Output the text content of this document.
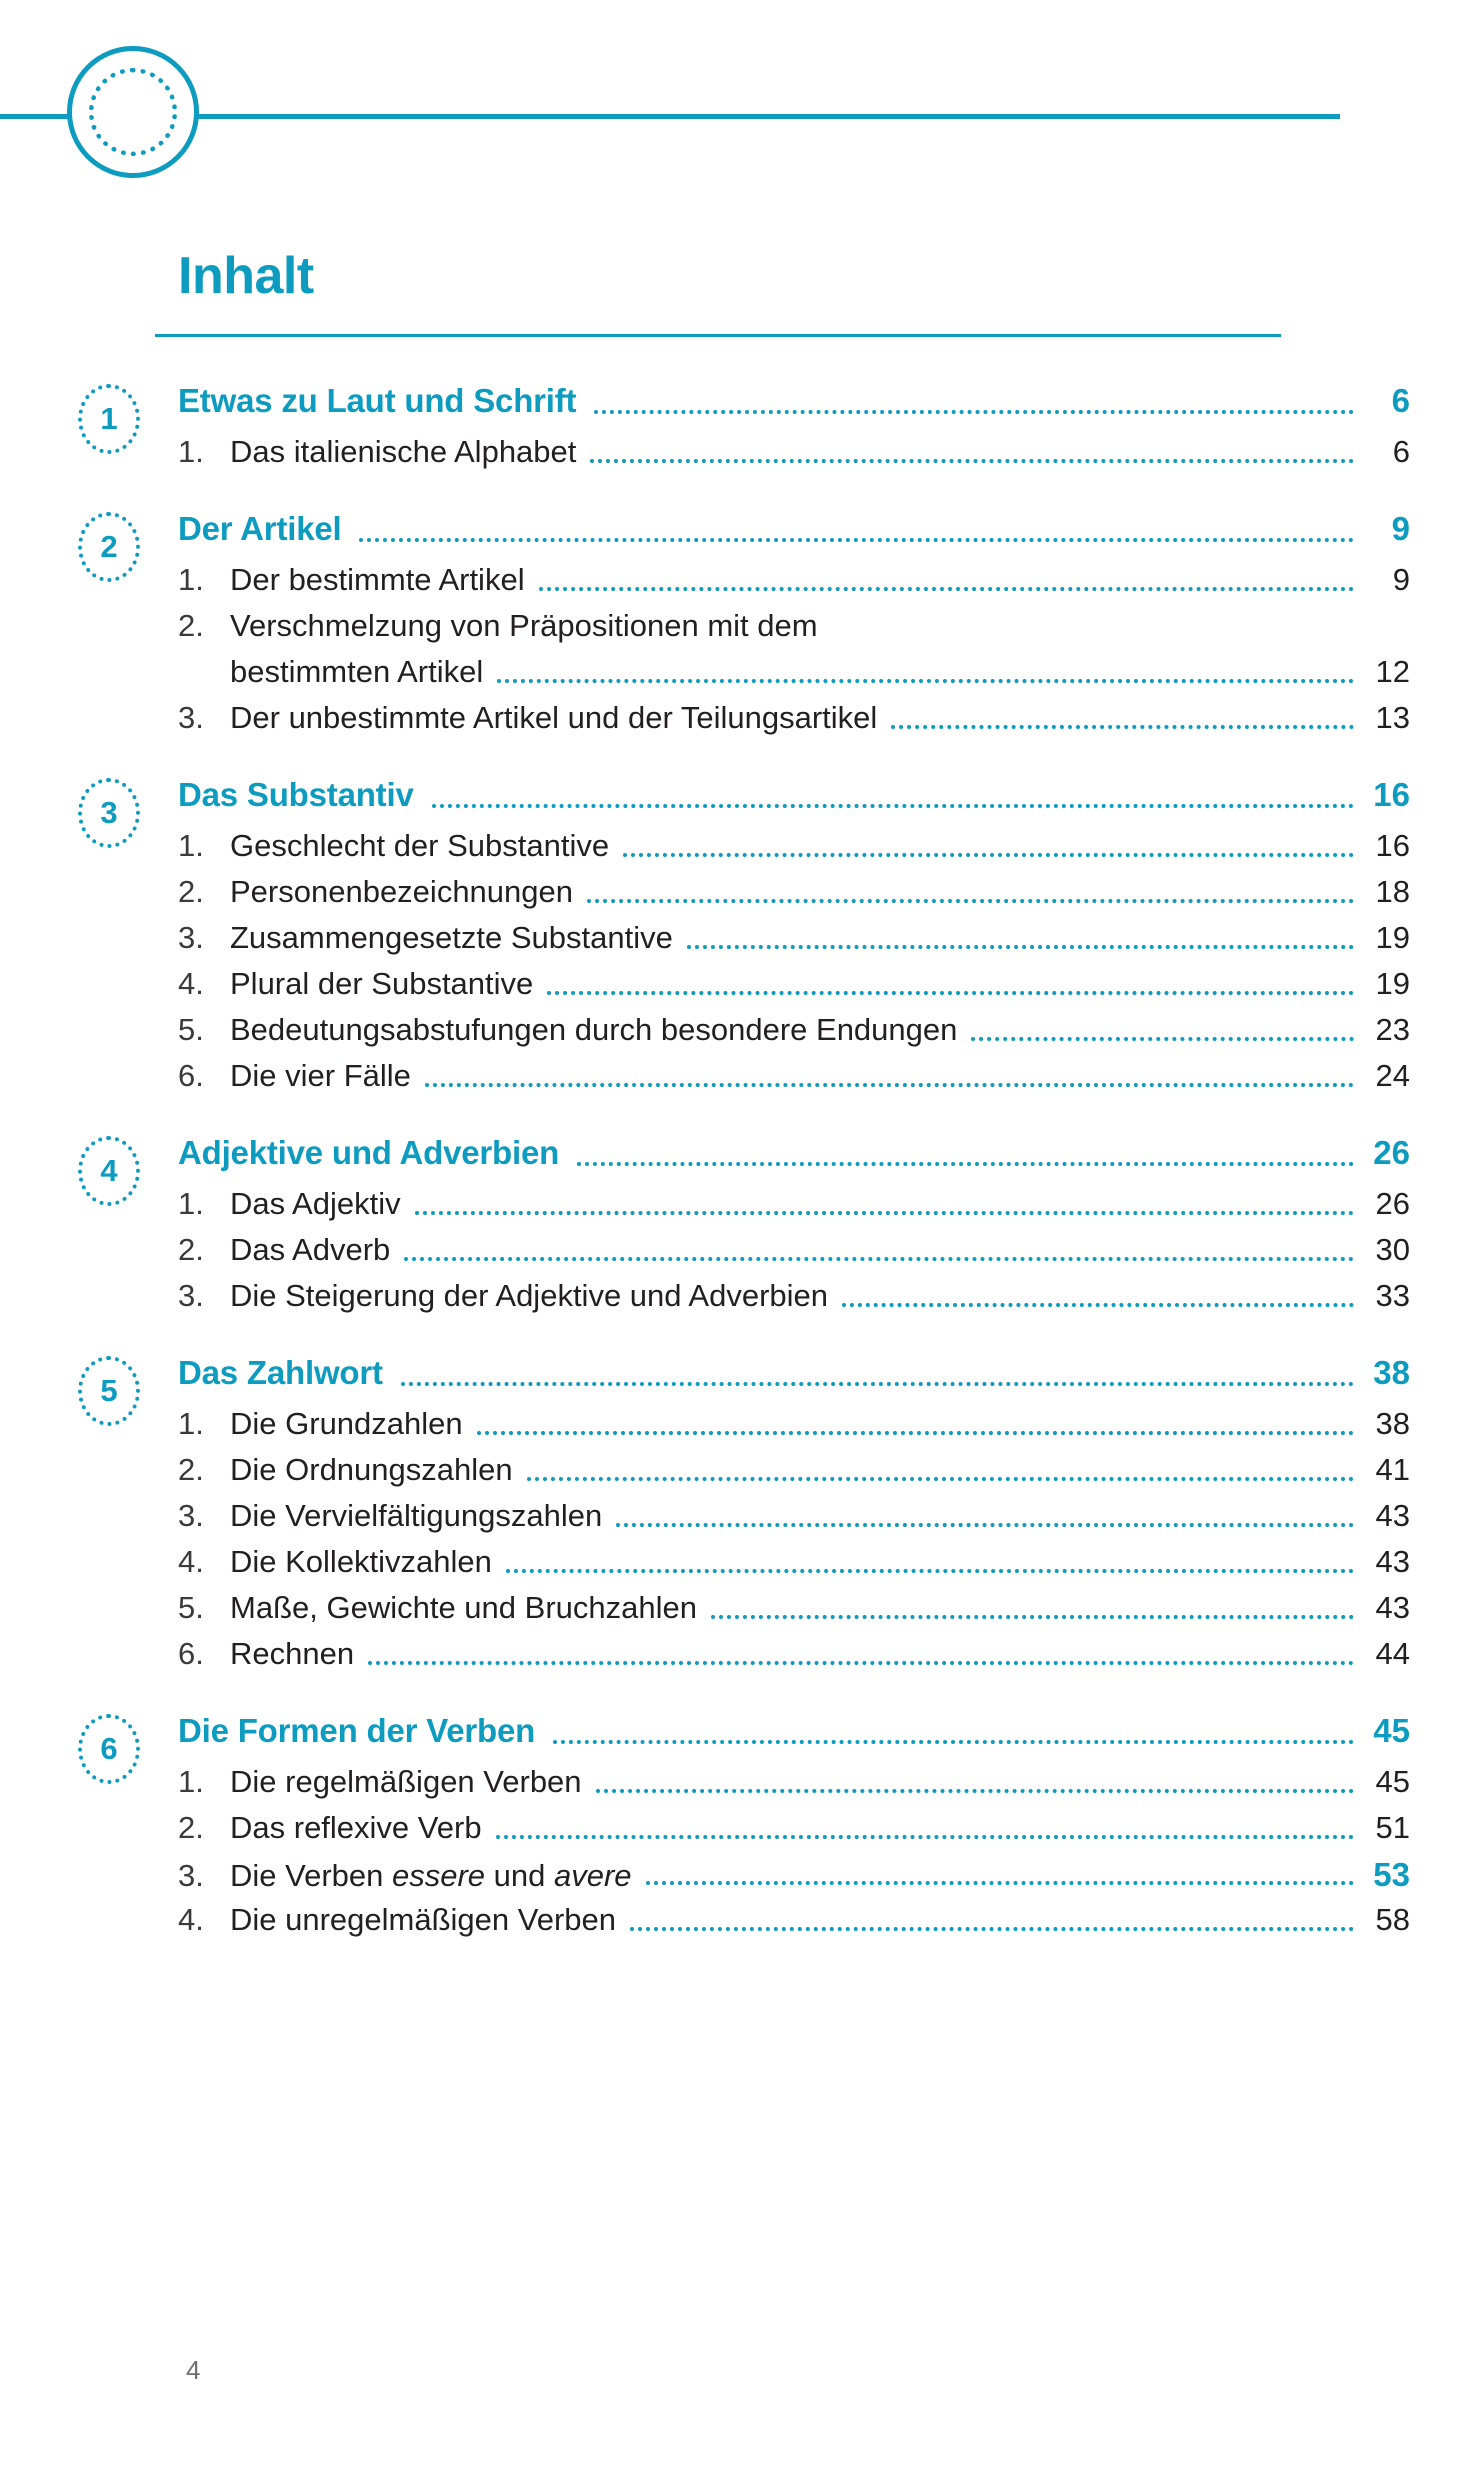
Inhalt
1	Etwas zu Laut und Schrift	6
1. Das italienische Alphabet	6
2	Der Artikel	9
1. Der bestimmte Artikel	9
2. Verschmelzung von Präpositionen mit dem
bestimmten Artikel	12
3. Der unbestimmte Artikel und der Teilungsartikel	13
3	Das Substantiv	16
1. Geschlecht der Substantive	16
2. Personenbezeichnungen	18
3. Zusammengesetzte Substantive	19
4. Plural der Substantive	19
5. Bedeutungsabstufungen durch besondere Endungen	23
6. Die vier Fälle	24
4	Adjektive und Adverbien	26
1. Das Adjektiv	26
2. Das Adverb	30
3. Die Steigerung der Adjektive und Adverbien	33
5	Das Zahlwort	38
1. Die Grundzahlen	38
2. Die Ordnungszahlen	41
3. Die Vervielfältigungszahlen	43
4. Die Kollektivzahlen	43
5. Maße, Gewichte und Bruchzahlen	43
6. Rechnen	44
6	Die Formen der Verben	45
1. Die regelmäßigen Verben	45
2. Das reflexive Verb	51
3. Die Verben essere und avere	53
4. Die unregelmäßigen Verben	58
4
